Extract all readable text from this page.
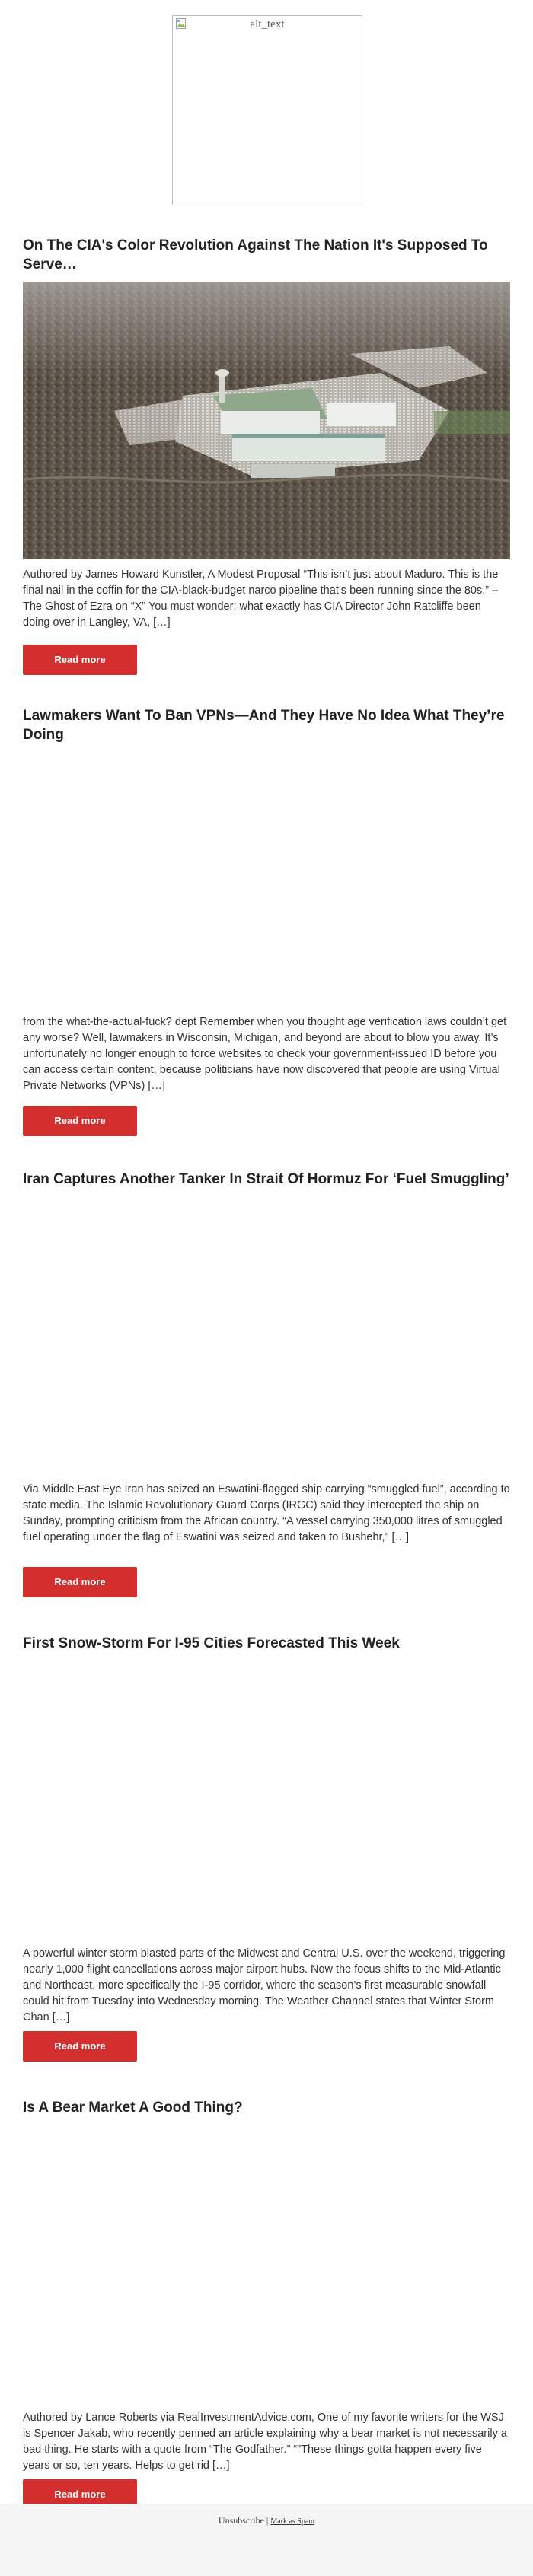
alt_text
On The CIA's Color Revolution Against The Nation It's Supposed To Serve…

Authored by James Howard Kunstler, A Modest Proposal “This isn’t just about Maduro. This is the final nail in the coffin for the CIA-black-budget narco pipeline that’s been running since the 80s.” – The Ghost of Ezra on “X” You must wonder: what exactly has CIA Director John Ratcliffe been doing over in Langley, VA, […]

Read more
Lawmakers Want To Ban VPNs—And They Have No Idea What They’re Doing

from the what-the-actual-fuck? dept Remember when you thought age verification laws couldn’t get any worse? Well, lawmakers in Wisconsin, Michigan, and beyond are about to blow you away. It’s unfortunately no longer enough to force websites to check your government-issued ID before you can access certain content, because politicians have now discovered that people are using Virtual Private Networks (VPNs) […]

Read more
Iran Captures Another Tanker In Strait Of Hormuz For ‘Fuel Smuggling’

Via Middle East Eye Iran has seized an Eswatini-flagged ship carrying “smuggled fuel”, according to state media. The Islamic Revolutionary Guard Corps (IRGC) said they intercepted the ship on Sunday, prompting criticism from the African country. “A vessel carrying 350,000 litres of smuggled fuel operating under the flag of Eswatini was seized and taken to Bushehr,” […]

Read more
First Snow-Storm For I-95 Cities Forecasted This Week

A powerful winter storm blasted parts of the Midwest and Central U.S. over the weekend, triggering nearly 1,000 flight cancellations across major airport hubs. Now the focus shifts to the Mid-Atlantic and Northeast, more specifically the I-95 corridor, where the season’s first measurable snowfall could hit from Tuesday into Wednesday morning. The Weather Channel states that Winter Storm Chan […]

Read more
Is A Bear Market A Good Thing?

Authored by Lance Roberts via RealInvestmentAdvice.com, One of my favorite writers for the WSJ is Spencer Jakab, who recently penned an article explaining why a bear market is not necessarily a bad thing. He starts with a quote from “The Godfather.” “”These things gotta happen every five years or so, ten years. Helps to get rid […]

Read more
Unsubscribe | Mark as Spam
